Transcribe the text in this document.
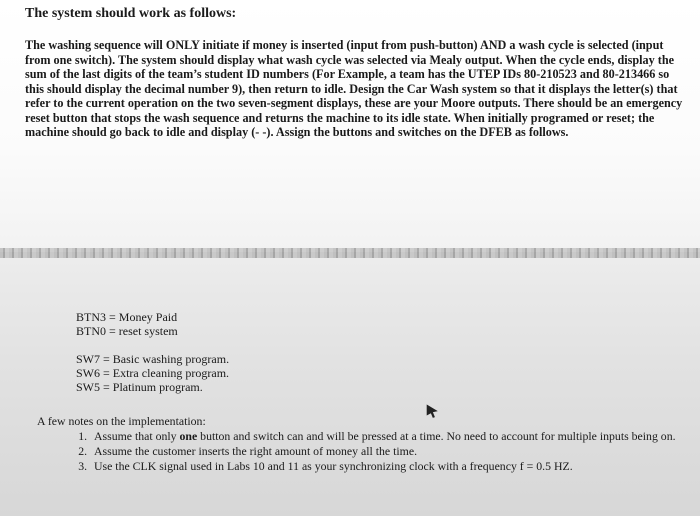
The system should work as follows:

The washing sequence will ONLY initiate if money is inserted (input from push-button) AND a wash cycle is selected (input from one switch). The system should display what wash cycle was selected via Mealy output. When the cycle ends, display the sum of the last digits of the team’s student ID numbers (For Example, a team has the UTEP IDs 80-210523 and 80-213466 so this should display the decimal number 9), then return to idle. Design the Car Wash system so that it displays the letter(s) that refer to the current operation on the two seven-segment displays, these are your Moore outputs. There should be an emergency reset button that stops the wash sequence and returns the machine to its idle state. When initially programed or reset; the machine should go back to idle and display (- -). Assign the buttons and switches on the DFEB as follows.

BTN3 = Money Paid

BTN0 = reset system

SW7 = Basic washing program.

SW6 = Extra cleaning program.

SW5 = Platinum program.

A few notes on the implementation:

1. Assume that only one button and switch can and will be pressed at a time. No need to account for multiple inputs being on.
2. Assume the customer inserts the right amount of money all the time.
3. Use the CLK signal used in Labs 10 and 11 as your synchronizing clock with a frequency f = 0.5 HZ.
